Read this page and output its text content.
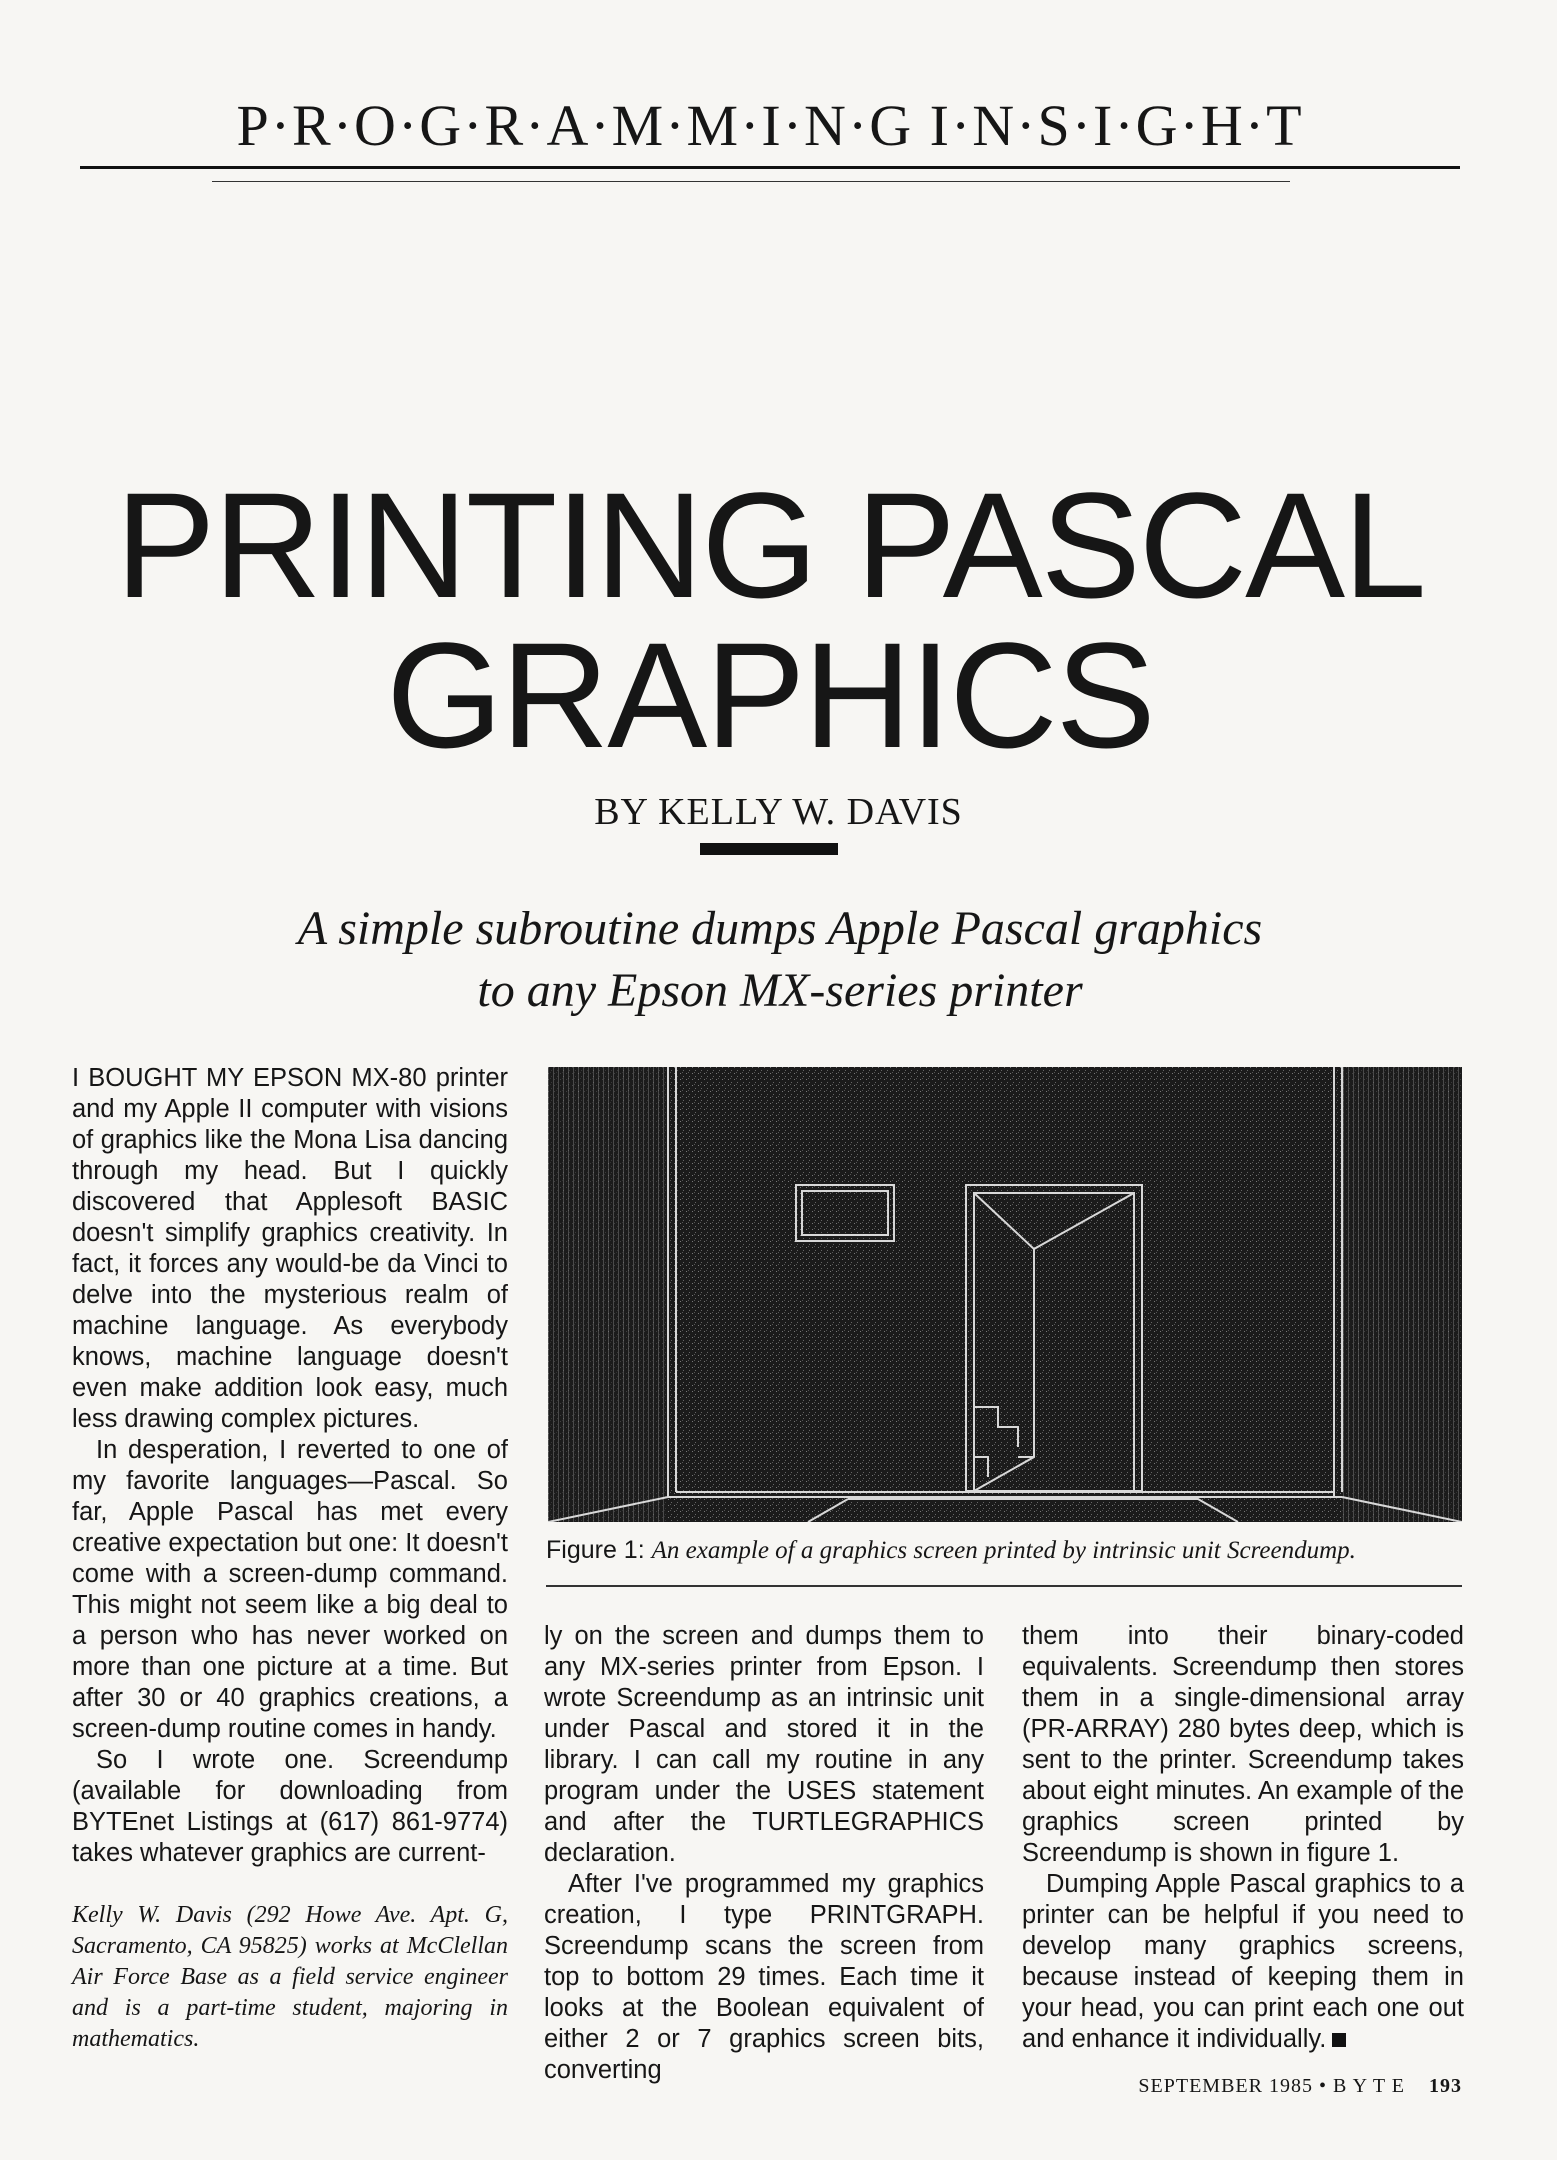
P·R·O·G·R·A·M·M·I·N·G I·N·S·I·G·H·T
PRINTING PASCAL
GRAPHICS
BY KELLY W. DAVIS
A simple subroutine dumps Apple Pascal graphics
to any Epson MX-series printer

I BOUGHT MY EPSON MX-80 printer and my Apple II computer with visions of graphics like the Mona Lisa dancing through my head. But I quickly discovered that Applesoft BASIC doesn't simplify graphics creativity. In fact, it forces any would-be da Vinci to delve into the mysterious realm of machine language. As everybody knows, machine language doesn't even make addition look easy, much less drawing complex pictures.

In desperation, I reverted to one of my favorite languages—Pascal. So far, Apple Pascal has met every creative expectation but one: It doesn't come with a screen-dump command. This might not seem like a big deal to a person who has never worked on more than one picture at a time. But after 30 or 40 graphics creations, a screen-dump routine comes in handy.

So I wrote one. Screendump (available for downloading from BYTEnet Listings at (617) 861-9774) takes whatever graphics are current-

Kelly W. Davis (292 Howe Ave. Apt. G, Sacramento, CA 95825) works at McClellan Air Force Base as a field service engineer and is a part-time student, majoring in mathematics.
Figure 1: An example of a graphics screen printed by intrinsic unit Screendump.

ly on the screen and dumps them to any MX-series printer from Epson. I wrote Screendump as an intrinsic unit under Pascal and stored it in the library. I can call my routine in any program under the USES statement and after the TURTLEGRAPHICS declaration.

After I've programmed my graphics creation, I type PRINTGRAPH. Screendump scans the screen from top to bottom 29 times. Each time it looks at the Boolean equivalent of either 2 or 7 graphics screen bits, converting

them into their binary-coded equivalents. Screendump then stores them in a single-dimensional array (PR-ARRAY) 280 bytes deep, which is sent to the printer. Screendump takes about eight minutes. An example of the graphics screen printed by Screendump is shown in figure 1.

Dumping Apple Pascal graphics to a printer can be helpful if you need to develop many graphics screens, because instead of keeping them in your head, you can print each one out and enhance it individually.

SEPTEMBER 1985 • B Y T E 193
